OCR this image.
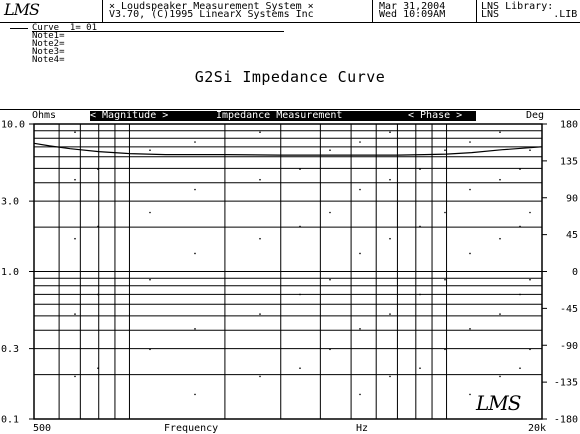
LMS	× Loudspeaker Measurement System ×
V3.70, (C)1995 LinearX Systems Inc
Mar 31,2004
Wed 10:09AM
LNS Library:
LNS         .LIB
Curve  1= 01
Note1=
Note2=
Note3=
Note4=
G2Si Impedance Curve
Ohms	Deg
< Magnitude >	Impedance Measurement	< Phase >
10.0
3.0
1.0
0.3
0.1
180
135
90
45
0
-45
-90
-135
-180
500	Frequency	Hz	20k
LMS
